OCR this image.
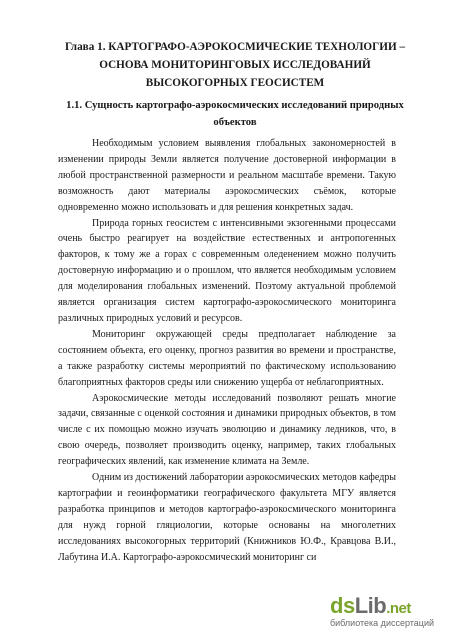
Глава 1. КАРТОГРАФО-АЭРОКОСМИЧЕСКИЕ ТЕХНОЛОГИИ –
ОСНОВА МОНИТОРИНГОВЫХ ИССЛЕДОВАНИЙ
ВЫСОКОГОРНЫХ ГЕОСИСТЕМ
1.1. Сущность картографо-аэрокосмических исследований природных
объектов

Необходимым условием выявления глобальных закономерностей в изменении природы Земли является получение достоверной информации в любой пространственной размерности и реальном масштабе времени. Такую возможность дают материалы аэрокосмических съёмок, которые одновременно можно использовать и для решения конкретных задач.

Природа горных геосистем с интенсивными экзогенными процессами очень быстро реагирует на воздействие естественных и антропогенных факторов, к тому же а горах с современным оледенением можно получить достоверную информацию и о прошлом, что является необходимым условием для моделирования глобальных изменений. Поэтому актуальной проблемой является организация систем картографо-аэрокосмического мониторинга различных природных условий и ресурсов.

Мониторинг окружающей среды предполагает наблюдение за состоянием объекта, его оценку, прогноз развития во времени и пространстве, а также разработку системы мероприятий по фактическому использованию благоприятных факторов среды или снижению ущерба от неблагоприятных.

Аэрокосмические методы исследований позволяют решать многие задачи, связанные с оценкой состояния и динамики природных объектов, в том числе с их помощью можно изучать эволюцию и динамику ледников, что, в свою очередь, позволяет производить оценку, например, таких глобальных географических явлений, как изменение климата на Земле.

Одним из достижений лаборатории аэрокосмических методов кафедры картографии и геоинформатики географического факультета МГУ является разработка принципов и методов картографо-аэрокосмического мониторинга для нужд горной гляциологии, которые основаны на многолетних исследованиях высокогорных территорий (Книжников Ю.Ф., Кравцова В.И., Лабутина И.А. Картографо-аэрокосмический мониторинг си

dsLib.net
библиотека диссертаций
